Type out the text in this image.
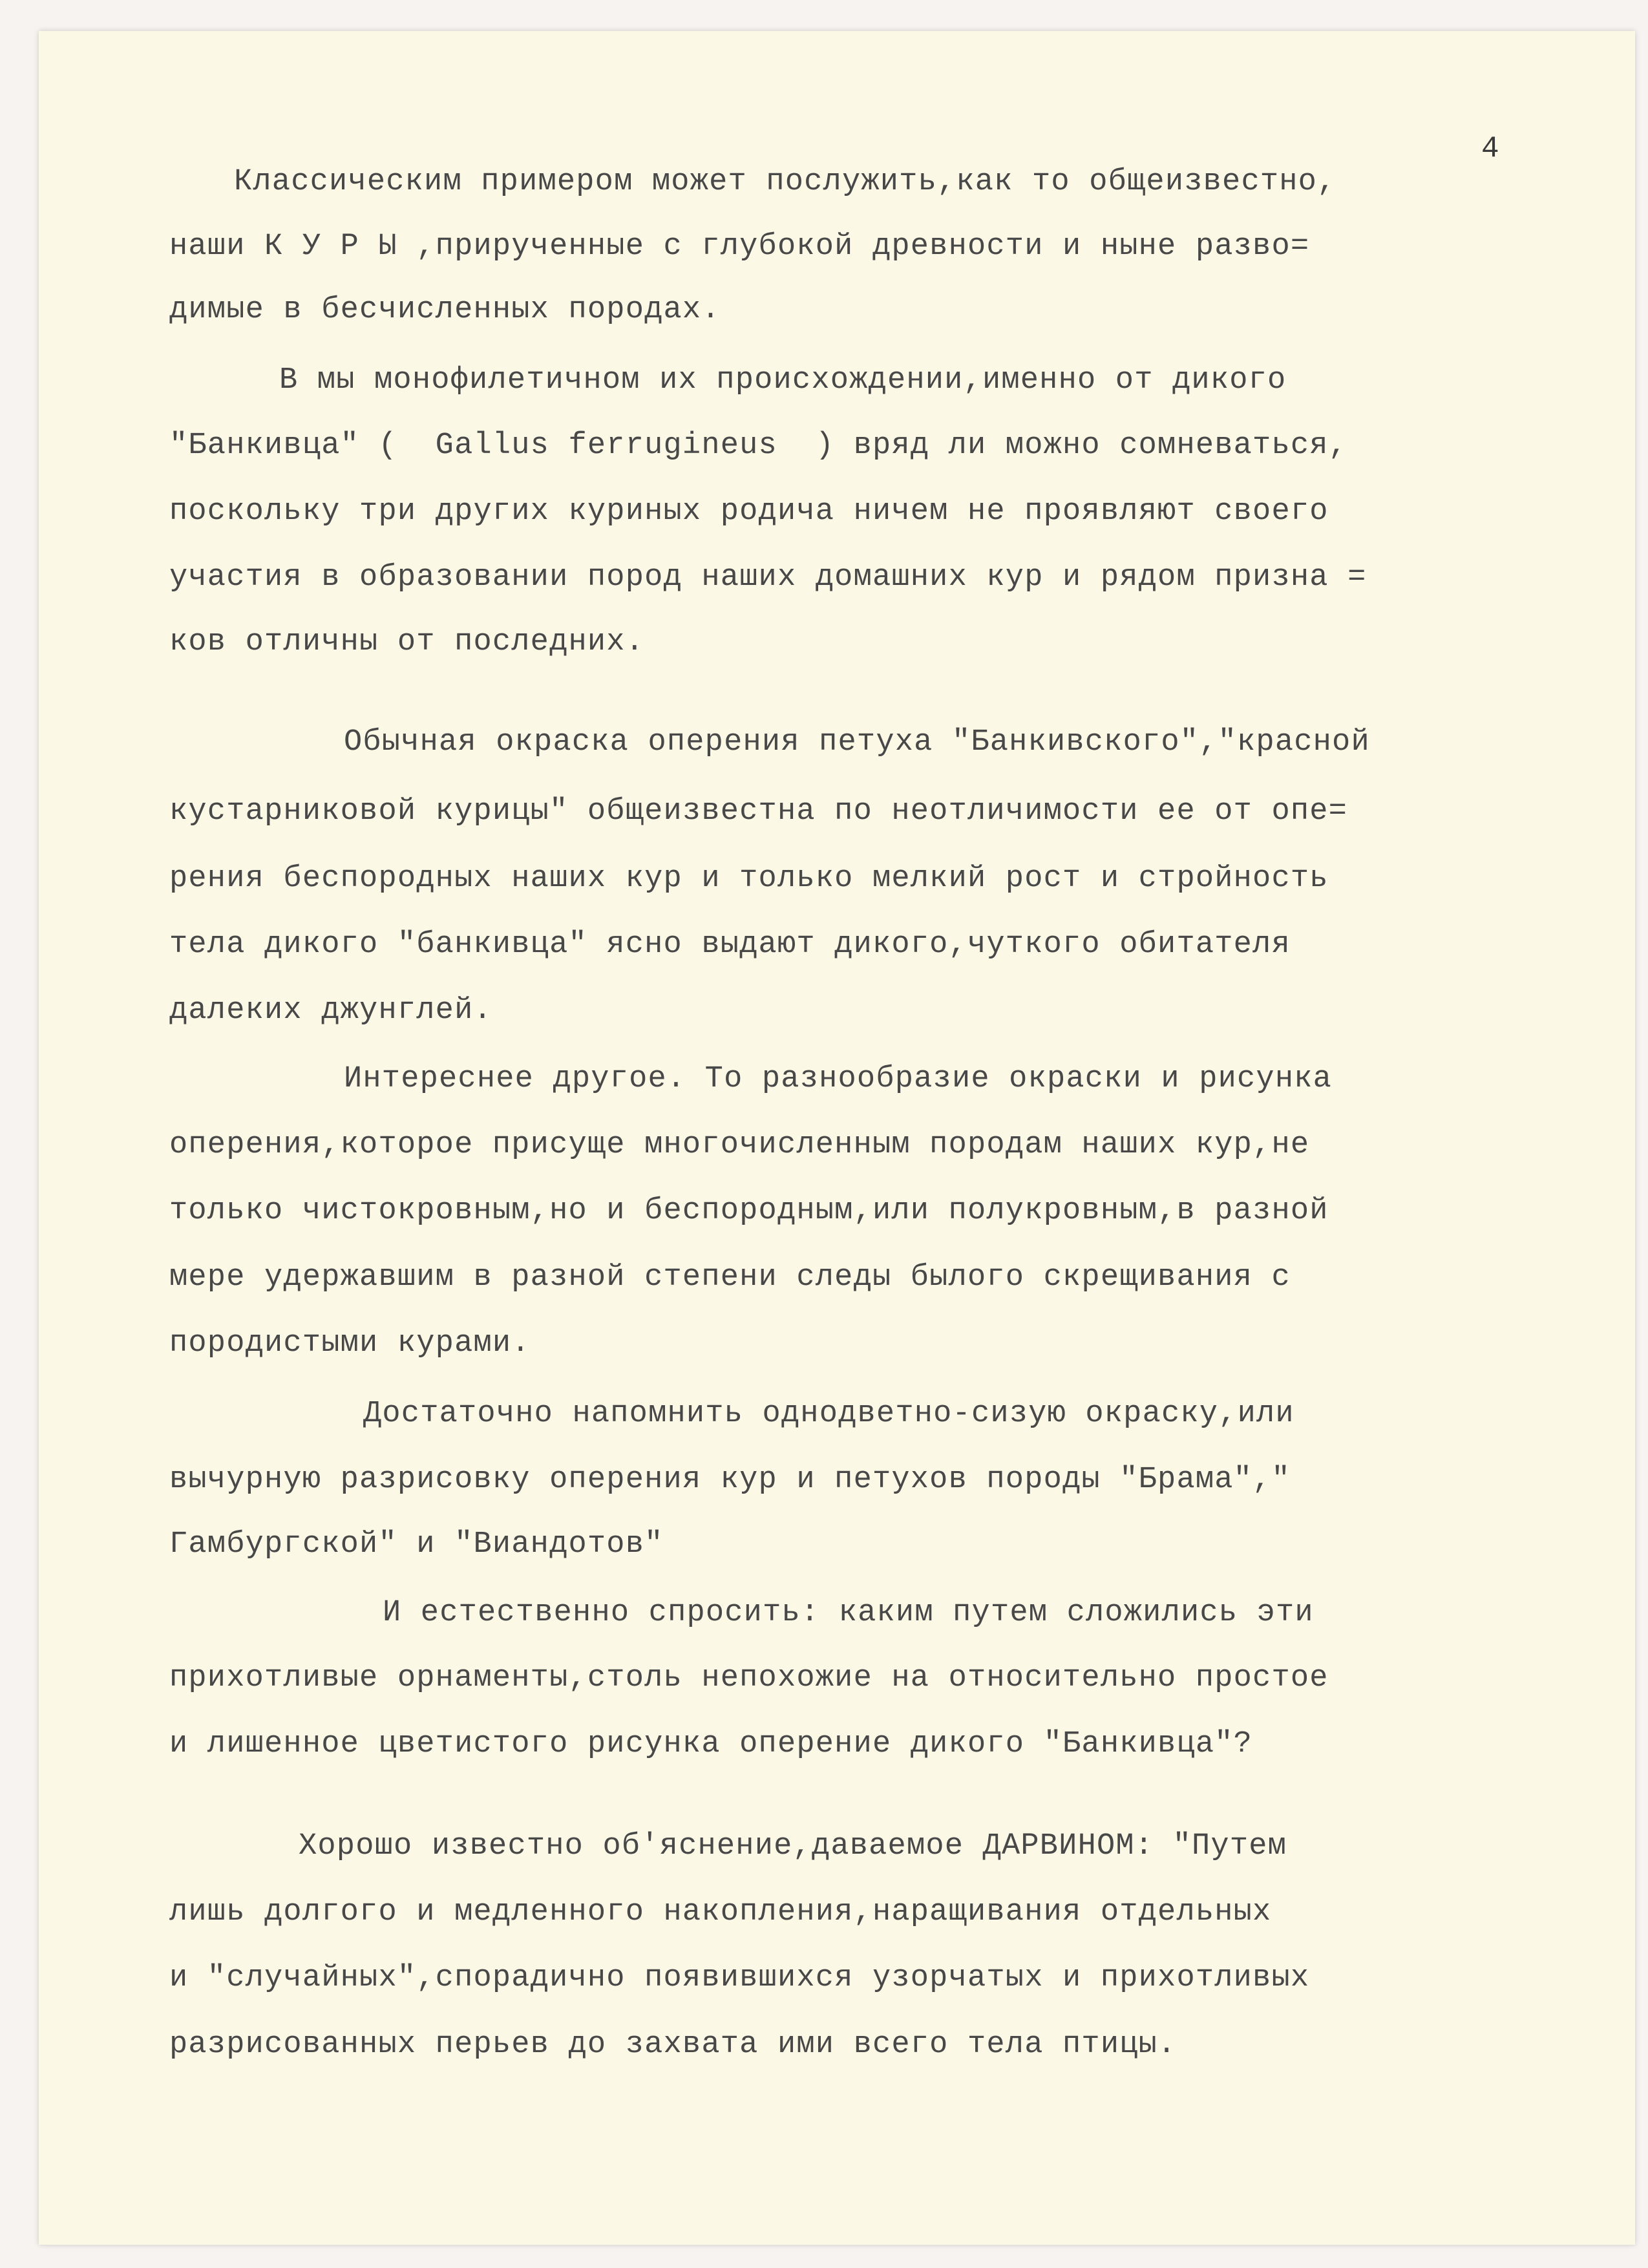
4
Классическим примером может послужить,как то общеизвестно,
наши К У Р Ы ,прирученные с глубокой древности и ныне разво=
димые в бесчисленных породах.
В мы монофилетичном их происхождении,именно от дикого
"Банкивца" (  Gallus ferrugineus  ) вряд ли можно сомневаться,
поскольку три других куриных родича ничем не проявляют своего
участия в образовании пород наших домашних кур и рядом призна =
ков отличны от последних.
Обычная окраска оперения петуха "Банкивского","красной
кустарниковой курицы" общеизвестна по неотличимости ее от опе=
рения беспородных наших кур и только мелкий рост и стройность
тела дикого "банкивца" ясно выдают дикого,чуткого обитателя
далеких джунглей.
Интереснее другое. То разнообразие окраски и рисунка
оперения,которое присуще многочисленным породам наших кур,не
только чистокровным,но и беспородным,или полукровным,в разной
мере удержавшим в разной степени следы былого скрещивания с
породистыми курами.
Достаточно напомнить однодветно-сизую окраску,или
вычурную разрисовку оперения кур и петухов породы "Брама","
Гамбургской" и "Виандотов"
И естественно спросить: каким путем сложились эти
прихотливые орнаменты,столь непохожие на относительно простое
и лишенное цветистого рисунка оперение дикого "Банкивца"?
Хорошо известно об'яснение,даваемое ДАРВИНОМ: "Путем
лишь долгого и медленного накопления,наращивания отдельных
и "случайных",спорадично появившихся узорчатых и прихотливых
разрисованных перьев до захвата ими всего тела птицы.
